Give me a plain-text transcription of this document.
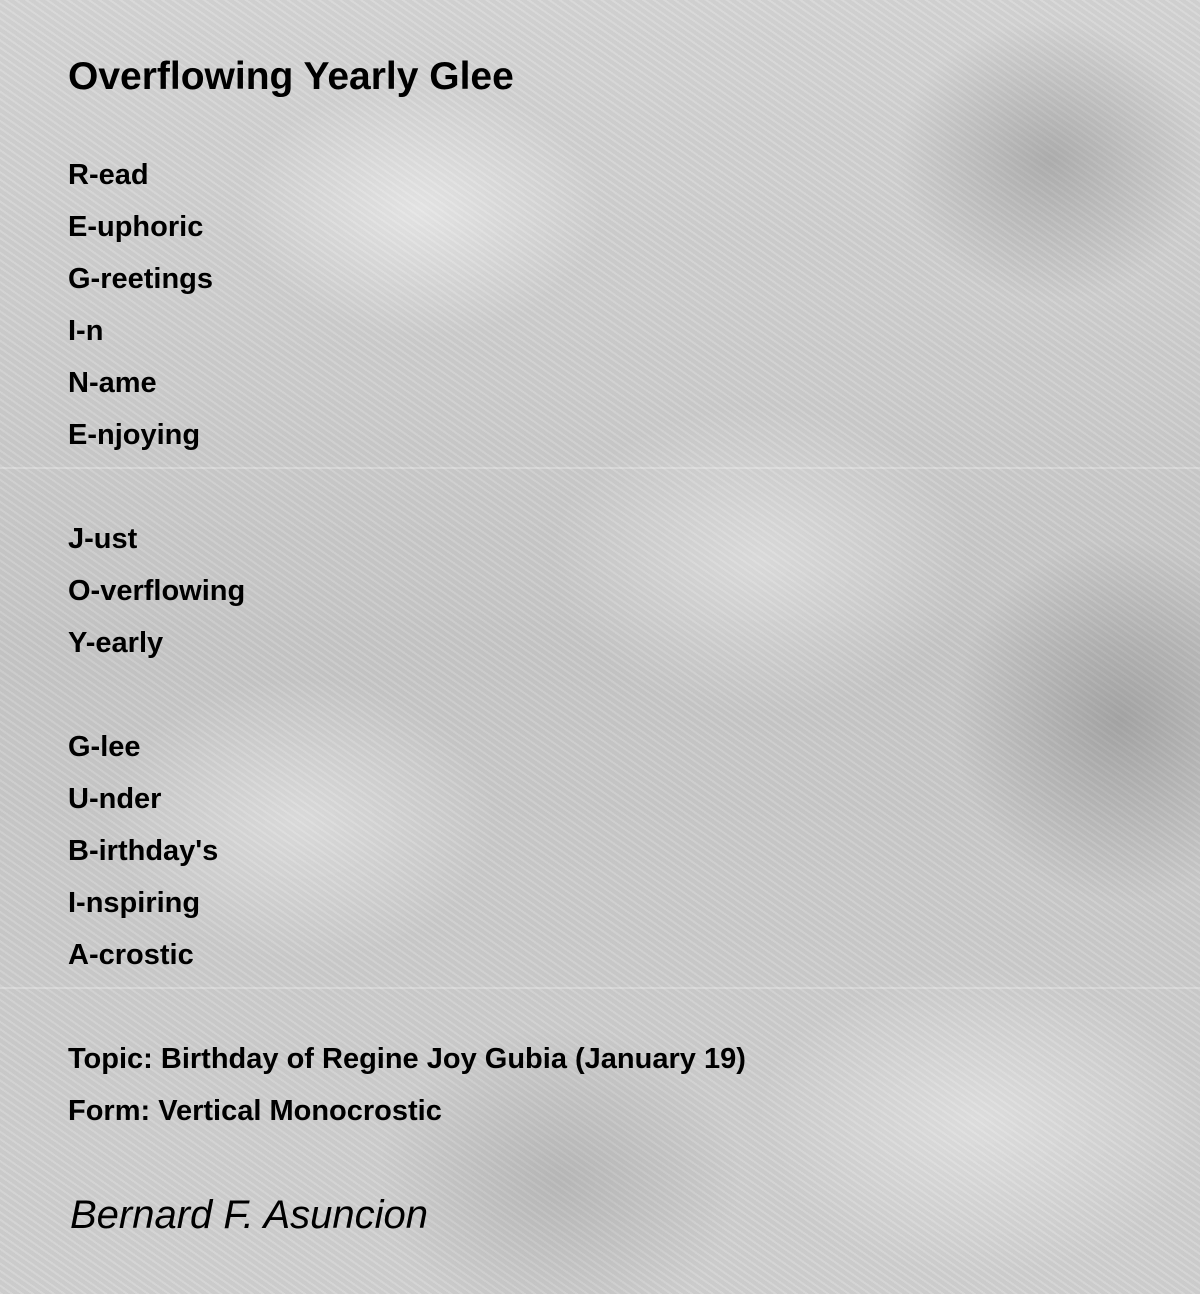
Overflowing Yearly Glee
R-ead
E-uphoric
G-reetings
I-n
N-ame
E-njoying
J-ust
O-verflowing
Y-early
G-lee
U-nder
B-irthday's
I-nspiring
A-crostic
Topic: Birthday of Regine Joy Gubia (January 19)
Form: Vertical Monocrostic
Bernard F. Asuncion
